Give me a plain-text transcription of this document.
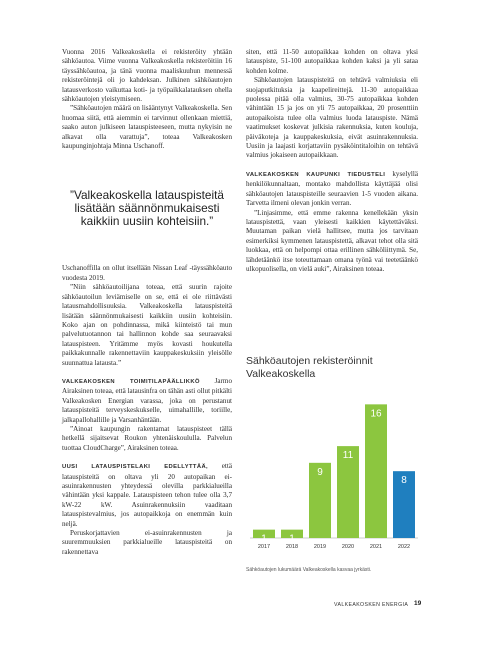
Vuonna 2016 Valkeakoskella ei rekisteröity yhtään sähköautoa. Viime vuonna Valkeakoskella rekisteröitiin 16 täyssähköautoa, ja tänä vuonna maaliskuuhun mennessä rekisteröintejä oli jo kahdeksan. Julkinen sähköautojen latausverkosto vaikuttaa koti- ja työpaikkalatauksen ohella sähköautojen yleistymiseen.

”Sähköautojen määrä on lisääntynyt Valkeakoskella. Sen huomaa siitä, että aiemmin ei tarvinnut ollenkaan miettiä, saako auton julkiseen latauspisteeseen, mutta nykyisin ne alkavat olla varattuja”, toteaa Valkeakosken kaupunginjohtaja Minna Uschanoff.

”Valkeakoskella latauspisteitä lisätään säännönmukaisesti kaikkiin uusiin kohteisiin.”

Uschanoffilla on ollut itsellään Nissan Leaf -täyssähköauto vuodesta 2019.

”Niin sähköautoilijana toteaa, että suurin rajoite sähköautoilun leviämiselle on se, että ei ole riittävästi latausmahdollisuuksia. Valkeakoskella latauspisteitä lisätään säännönmukaisesti kaikkiin uusiin kohteisiin. Koko ajan on pohdinnassa, mikä kiinteistö tai mun palvelutuotannon tai hallinnon kohde saa seuraavaksi latauspisteen. Yritämme myös kovasti houkutella paikkakunnalle rakennettaviin kauppakeskuksiin yleisölle suunnattua latausta.”

VALKEAKOSKEN TOIMITILAPÄÄLLIKKÖ Jarmo Airaksinen toteaa, että latausinfra on tähän asti ollut pitkälti Valkeakosken Energian varassa, joka on perustanut latauspisteitä terveyskeskukselle, uimahallille, toriille, jalkapallohallille ja Varsanhäntään.

”Ainoat kaupungin rakentamat latauspisteet tällä hetkellä sijaitsevat Roukon yhtenäiskoululla. Palvelun tuottaa CloudCharge”, Airaksinen toteaa.

UUSI LATAUSPISTELAKI EDELLYTTÄÄ, että latauspisteitä on oltava yli 20 autopaikan ei-asuinrakennusten yhteydessä olevilla parkkialueilla vähintään yksi kappale. Latauspisteen tehon tulee olla 3,7 kW-22 kW. Asuinrakennuksiin vaaditaan latauspistevalmius, jos autopaikkoja on enemmän kuin neljä.

Peruskorjattavien ei-asuinrakennusten ja suuremmuuksien parkkialueille latauspisteitä on rakennettava

siten, että 11-50 autopaikkaa kohden on oltava yksi latauspiste, 51-100 autopaikkaa kohden kaksi ja yli sataa kohden kolme.

Sähköautojen latauspisteitä on tehtävä valmiuksia eli suojaputkituksia ja kaapelireittejä. 11-30 autopaikkaa puolessa pitää olla valmius, 30-75 autopaikkaa kohden vähintään 15 ja jos on yli 75 autopaikkaa, 20 prosenttiin autopaikoista tulee olla valmius luoda latauspiste. Nämä vaatimukset koskevat julkisia rakennuksia, kuten kouluja, päiväkoteja ja kauppakeskuksia, eivät asuinrakennuksia. Uusiin ja laajasti korjattaviin pysäköintitaloihin on tehtävä valmius jokaiseen autopaikkaan.

VALKEAKOSKEN KAUPUNKI TIEDUSTELI kyselyllä henkilökunnaltaan, montako mahdollista käyttäjää olisi sähköautojen latauspisteille seuraavien 1-5 vuoden aikana. Tarvetta ilmeni olevan jonkin verran.

”Linjasimme, että emme rakenna kenellekään yksin latauspistettä, vaan yleisesti kaikkien käytettäväksi. Muutaman paikan vielä hallitsee, mutta jos tarvitaan esimerkiksi kymmenen latauspistettä, alkavat tehot olla sitä luokkaa, että on helpompi ottaa erillinen sähköliittymä. Se, lähdetäänkö itse toteuttamaan omana työnä vai teetetäänkö ulkopuolisella, on vielä auki”, Airaksinen toteaa.

Sähköautojen rekisteröinnit Valkeakoskella
1
2017
1
2018
9
2019
11
2020
16
2021
8
2022
Sähköautojen lukumäärä Valkeakoskella kasvaa jyrkästi.
VALKEAKOSKEN ENERGIA 19
